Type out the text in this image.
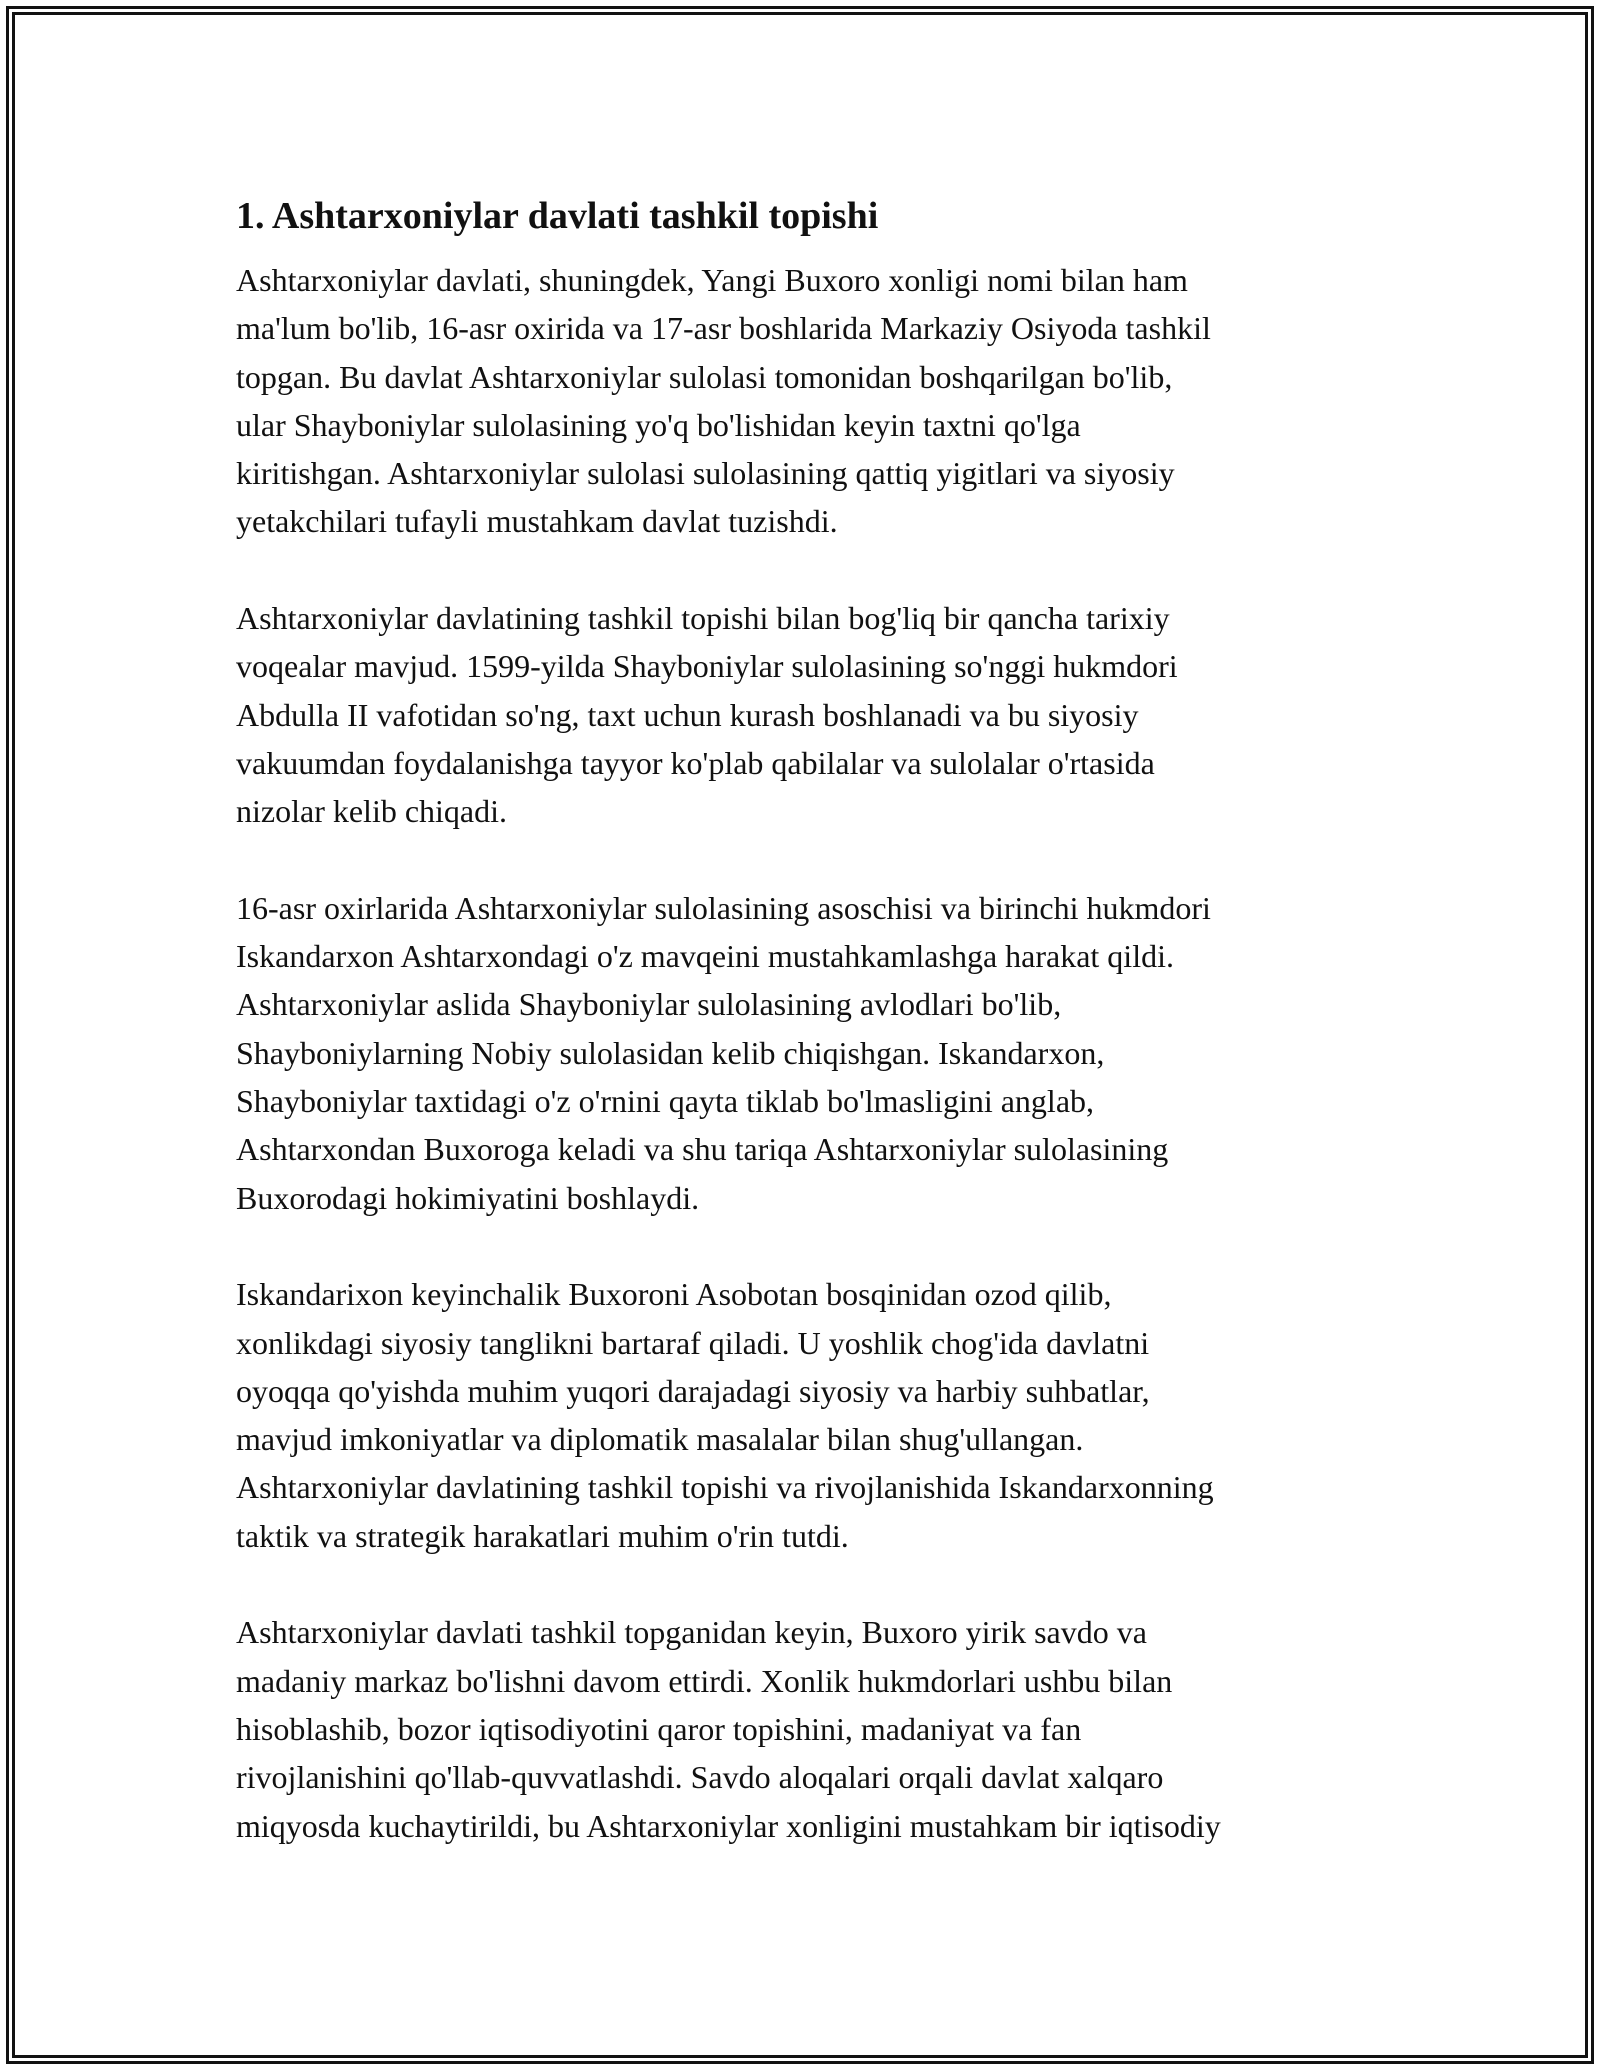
1. Ashtarxoniylar davlati tashkil topishi

Ashtarxoniylar davlati, shuningdek, Yangi Buxoro xonligi nomi bilan ham
ma'lum bo'lib, 16-asr oxirida va 17-asr boshlarida Markaziy Osiyoda tashkil
topgan. Bu davlat Ashtarxoniylar sulolasi tomonidan boshqarilgan bo'lib,
ular Shayboniylar sulolasining yo'q bo'lishidan keyin taxtni qo'lga
kiritishgan. Ashtarxoniylar sulolasi sulolasining qattiq yigitlari va siyosiy
yetakchilari tufayli mustahkam davlat tuzishdi.

Ashtarxoniylar davlatining tashkil topishi bilan bog'liq bir qancha tarixiy
voqealar mavjud. 1599-yilda Shayboniylar sulolasining so'nggi hukmdori
Abdulla II vafotidan so'ng, taxt uchun kurash boshlanadi va bu siyosiy
vakuumdan foydalanishga tayyor ko'plab qabilalar va sulolalar o'rtasida
nizolar kelib chiqadi.

16-asr oxirlarida Ashtarxoniylar sulolasining asoschisi va birinchi hukmdori
Iskandarxon Ashtarxondagi o'z mavqeini mustahkamlashga harakat qildi.
Ashtarxoniylar aslida Shayboniylar sulolasining avlodlari bo'lib,
Shayboniylarning Nobiy sulolasidan kelib chiqishgan. Iskandarxon,
Shayboniylar taxtidagi o'z o'rnini qayta tiklab bo'lmasligini anglab,
Ashtarxondan Buxoroga keladi va shu tariqa Ashtarxoniylar sulolasining
Buxorodagi hokimiyatini boshlaydi.

Iskandarixon keyinchalik Buxoroni Asobotan bosqinidan ozod qilib,
xonlikdagi siyosiy tanglikni bartaraf qiladi. U yoshlik chog'ida davlatni
oyoqqa qo'yishda muhim yuqori darajadagi siyosiy va harbiy suhbatlar,
mavjud imkoniyatlar va diplomatik masalalar bilan shug'ullangan.
Ashtarxoniylar davlatining tashkil topishi va rivojlanishida Iskandarxonning
taktik va strategik harakatlari muhim o'rin tutdi.

Ashtarxoniylar davlati tashkil topganidan keyin, Buxoro yirik savdo va
madaniy markaz bo'lishni davom ettirdi. Xonlik hukmdorlari ushbu bilan
hisoblashib, bozor iqtisodiyotini qaror topishini, madaniyat va fan
rivojlanishini qo'llab-quvvatlashdi. Savdo aloqalari orqali davlat xalqaro
miqyosda kuchaytirildi, bu Ashtarxoniylar xonligini mustahkam bir iqtisodiy
